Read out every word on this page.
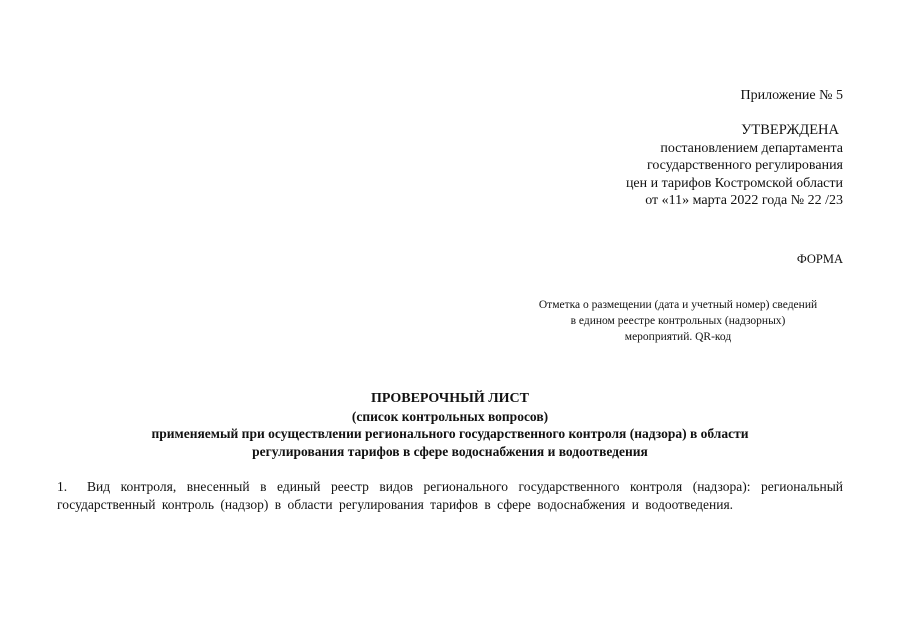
Приложение № 5
УТВЕРЖДЕНА
постановлением департамента
государственного регулирования
цен и тарифов Костромской области
от «11» марта 2022 года № 22 /23
ФОРМА
Отметка о размещении (дата и учетный номер) сведений
в едином реестре контрольных (надзорных)
мероприятий. QR-код
ПРОВЕРОЧНЫЙ ЛИСТ
(список контрольных вопросов)
применяемый при осуществлении регионального государственного контроля (надзора) в области
регулирования тарифов в сфере водоснабжения и водоотведения
1. Вид контроля, внесенный в единый реестр видов регионального государственного контроля (надзора): региональный государственный контроль (надзор) в области регулирования тарифов в сфере водоснабжения и водоотведения.
